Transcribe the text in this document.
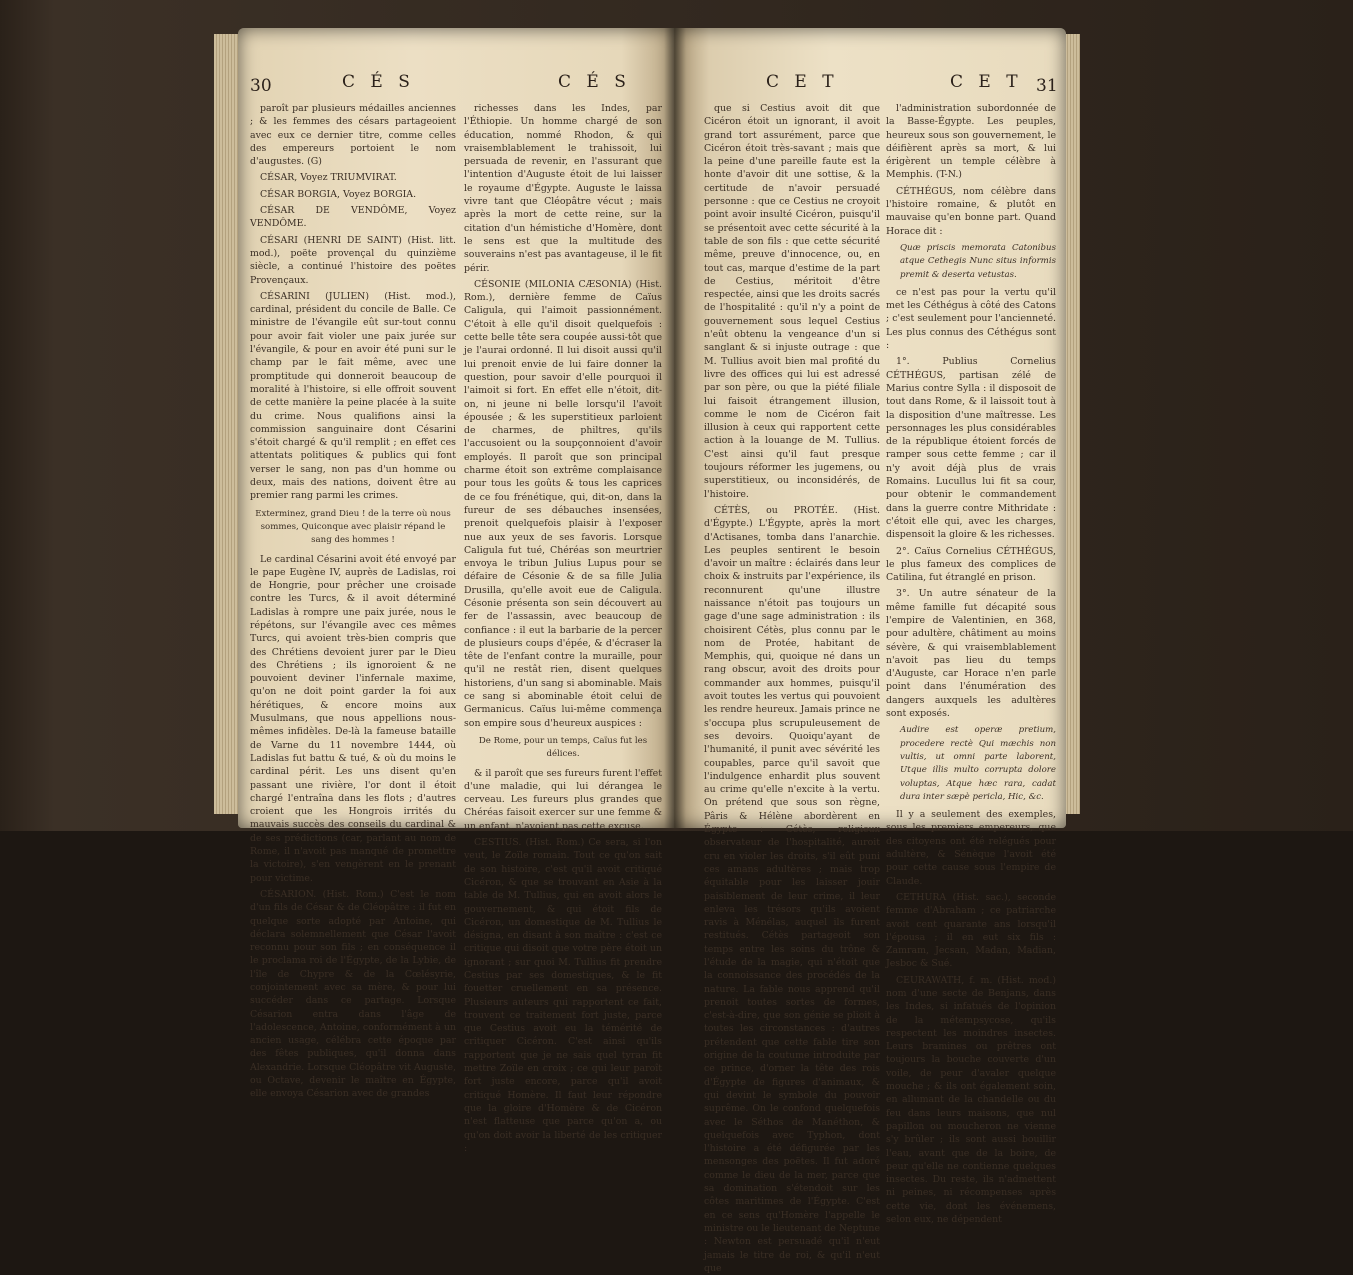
30	C É S	C É S

paroît par plusieurs médailles anciennes ; & les femmes des césars partageoient avec eux ce dernier titre, comme celles des empereurs portoient le nom d'augustes. (G)

CÉSAR, Voyez TRIUMVIRAT.

CÉSAR BORGIA, Voyez BORGIA.

CÉSAR DE VENDÔME, Voyez VENDÔME.

CÉSARI (HENRI DE SAINT) (Hist. litt. mod.), poëte provençal du quinzième siècle, a continué l'histoire des poëtes Provençaux.

CÉSARINI (JULIEN) (Hist. mod.), cardinal, président du concile de Balle. Ce ministre de l'évangile eût sur-tout connu pour avoir fait violer une paix jurée sur l'évangile, & pour en avoir été puni sur le champ par le fait même, avec une promptitude qui donneroit beaucoup de moralité à l'histoire, si elle offroit souvent de cette manière la peine placée à la suite du crime. Nous qualifions ainsi la commission sanguinaire dont Césarini s'étoit chargé & qu'il remplit ; en effet ces attentats politiques & publics qui font verser le sang, non pas d'un homme ou deux, mais des nations, doivent être au premier rang parmi les crimes.

Exterminez, grand Dieu ! de la terre où nous sommes, Quiconque avec plaisir répand le sang des hommes !

Le cardinal Césarini avoit été envoyé par le pape Eugène IV, auprès de Ladislas, roi de Hongrie, pour prêcher une croisade contre les Turcs, & il avoit déterminé Ladislas à rompre une paix jurée, nous le répétons, sur l'évangile avec ces mêmes Turcs, qui avoient très-bien compris que des Chrétiens devoient jurer par le Dieu des Chrétiens ; ils ignoroient & ne pouvoient deviner l'infernale maxime, qu'on ne doit point garder la foi aux hérétiques, & encore moins aux Musulmans, que nous appellions nous-mêmes infidèles. De-là la fameuse bataille de Varne du 11 novembre 1444, où Ladislas fut battu & tué, & où du moins le cardinal périt. Les uns disent qu'en passant une rivière, l'or dont il étoit chargé l'entraîna dans les flots ; d'autres croient que les Hongrois irrités du mauvais succès des conseils du cardinal & de ses prédictions (car, parlant au nom de Rome, il n'avoit pas manqué de promettre la victoire), s'en vengèrent en le prenant pour victime.

CÉSARION. (Hist. Rom.) C'est le nom d'un fils de César & de Cléopâtre : il fut en quelque sorte adopté par Antoine, qui déclara solemnellement que César l'avoit reconnu pour son fils ; en conséquence il le proclama roi de l'Égypte, de la Lybie, de l'île de Chypre & de la Cœlésyrie, conjointement avec sa mère, & pour lui succéder dans ce partage. Lorsque Césarion entra dans l'âge de l'adolescence, Antoine, conformément à un ancien usage, célébra cette époque par des fêtes publiques, qu'il donna dans Alexandrie. Lorsque Cléopâtre vit Auguste, ou Octave, devenir le maître en Égypte, elle envoya Césarion avec de grandes

richesses dans les Indes, par l'Éthiopie. Un homme chargé de son éducation, nommé Rhodon, & qui vraisemblablement le trahissoit, lui persuada de revenir, en l'assurant que l'intention d'Auguste étoit de lui laisser le royaume d'Égypte. Auguste le laissa vivre tant que Cléopâtre vécut ; mais après la mort de cette reine, sur la citation d'un hémistiche d'Homère, dont le sens est que la multitude des souverains n'est pas avantageuse, il le fit périr.

CÉSONIE (MILONIA CÆSONIA) (Hist. Rom.), dernière femme de Caïus Caligula, qui l'aimoit passionnément. C'étoit à elle qu'il disoit quelquefois : cette belle tête sera coupée aussi-tôt que je l'aurai ordonné. Il lui disoit aussi qu'il lui prenoit envie de lui faire donner la question, pour savoir d'elle pourquoi il l'aimoit si fort. En effet elle n'étoit, dit-on, ni jeune ni belle lorsqu'il l'avoit épousée ; & les superstitieux parloient de charmes, de philtres, qu'ils l'accusoient ou la soupçonnoient d'avoir employés. Il paroît que son principal charme étoit son extrême complaisance pour tous les goûts & tous les caprices de ce fou frénétique, qui, dit-on, dans la fureur de ses débauches insensées, prenoit quelquefois plaisir à l'exposer nue aux yeux de ses favoris. Lorsque Caligula fut tué, Chéréas son meurtrier envoya le tribun Julius Lupus pour se défaire de Césonie & de sa fille Julia Drusilla, qu'elle avoit eue de Caligula. Césonie présenta son sein découvert au fer de l'assassin, avec beaucoup de confiance : il eut la barbarie de la percer de plusieurs coups d'épée, & d'écraser la tête de l'enfant contre la muraille, pour qu'il ne restât rien, disent quelques historiens, d'un sang si abominable. Mais ce sang si abominable étoit celui de Germanicus. Caïus lui-même commença son empire sous d'heureux auspices :

De Rome, pour un temps, Caïus fut les délices.

& il paroît que ses fureurs furent l'effet d'une maladie, qui lui dérangea le cerveau. Les fureurs plus grandes que Chéréas faisoit exercer sur une femme & un enfant, n'avoient pas cette excuse.

CESTIUS. (Hist. Rom.) Ce sera, si l'on veut, le Zoïle romain. Tout ce qu'on sait de son histoire, c'est qu'il avoit critiqué Cicéron, & que se trouvant en Asie à la table de M. Tullius, qui en avoit alors le gouvernement, & qui étoit fils de Cicéron, un domestique de M. Tullius le désigna, en disant à son maître : c'est ce critique qui disoit que votre père étoit un ignorant ; sur quoi M. Tullius fit prendre Cestius par ses domestiques, & le fit fouetter cruellement en sa présence. Plusieurs auteurs qui rapportent ce fait, trouvent ce traitement fort juste, parce que Cestius avoit eu la témérité de critiquer Cicéron. C'est ainsi qu'ils rapportent que je ne sais quel tyran fit mettre Zoïle en croix ; ce qui leur paroît fort juste encore, parce qu'il avoit critiqué Homère. Il faut leur répondre que la gloire d'Homère & de Cicéron n'est flatteuse que parce qu'on a, ou qu'on doit avoir la liberté de les critiquer :

C E T	C E T 31

que si Cestius avoit dit que Cicéron étoit un ignorant, il avoit grand tort assurément, parce que Cicéron étoit très-savant ; mais que la peine d'une pareille faute est la honte d'avoir dit une sottise, & la certitude de n'avoir persuadé personne : que ce Cestius ne croyoit point avoir insulté Cicéron, puisqu'il se présentoit avec cette sécurité à la table de son fils : que cette sécurité même, preuve d'innocence, ou, en tout cas, marque d'estime de la part de Cestius, méritoit d'être respectée, ainsi que les droits sacrés de l'hospitalité : qu'il n'y a point de gouvernement sous lequel Cestius n'eût obtenu la vengeance d'un si sanglant & si injuste outrage : que M. Tullius avoit bien mal profité du livre des offices qui lui est adressé par son père, ou que la piété filiale lui faisoit étrangement illusion, comme le nom de Cicéron fait illusion à ceux qui rapportent cette action à la louange de M. Tullius. C'est ainsi qu'il faut presque toujours réformer les jugemens, ou superstitieux, ou inconsidérés, de l'histoire.

CÉTÈS, ou PROTÉE. (Hist. d'Égypte.) L'Égypte, après la mort d'Actisanes, tomba dans l'anarchie. Les peuples sentirent le besoin d'avoir un maître : éclairés dans leur choix & instruits par l'expérience, ils reconnurent qu'une illustre naissance n'étoit pas toujours un gage d'une sage administration : ils choisirent Cétès, plus connu par le nom de Protée, habitant de Memphis, qui, quoique né dans un rang obscur, avoit des droits pour commander aux hommes, puisqu'il avoit toutes les vertus qui pouvoient les rendre heureux. Jamais prince ne s'occupa plus scrupuleusement de ses devoirs. Quoiqu'ayant de l'humanité, il punit avec sévérité les coupables, parce qu'il savoit que l'indulgence enhardit plus souvent au crime qu'elle n'excite à la vertu. On prétend que sous son règne, Pâris & Hélène abordèrent en Égypte : Cétès, religieux observateur de l'hospitalité, auroit cru en violer les droits, s'il eût puni ces amans adultères ; mais trop équitable pour les laisser jouir paisiblement de leur crime, il leur enleva les trésors qu'ils avoient ravis à Ménélas, auquel ils furent restitués. Cétès partageoit son temps entre les soins du trône & l'étude de la magie, qui n'étoit que la connoissance des procédés de la nature. La fable nous apprend qu'il prenoit toutes sortes de formes, c'est-à-dire, que son génie se plioit à toutes les circonstances : d'autres prétendent que cette fable tire son origine de la coutume introduite par ce prince, d'orner la tête des rois d'Égypte de figures d'animaux, & qui devint le symbole du pouvoir suprême. On le confond quelquefois avec le Séthos de Manéthon, & quelquefois avec Typhon, dont l'histoire a été défigurée par les mensonges des poëtes. Il fut adoré comme le dieu de la mer, parce que sa domination s'étendoit sur les côtes maritimes de l'Égypte. C'est en ce sens qu'Homère l'appelle le ministre ou le lieutenant de Neptune : Newton est persuadé qu'il n'eut jamais le titre de roi, & qu'il n'eut que

l'administration subordonnée de la Basse-Égypte. Les peuples, heureux sous son gouvernement, le déifièrent après sa mort, & lui érigèrent un temple célèbre à Memphis. (T-N.)

CÉTHÉGUS, nom célèbre dans l'histoire romaine, & plutôt en mauvaise qu'en bonne part. Quand Horace dit :

Quæ priscis memorata Catonibus atque Cethegis Nunc situs informis premit & deserta vetustas.

ce n'est pas pour la vertu qu'il met les Céthégus à côté des Catons ; c'est seulement pour l'ancienneté. Les plus connus des Céthégus sont :

1°. Publius Cornelius CÉTHÉGUS, partisan zélé de Marius contre Sylla : il disposoit de tout dans Rome, & il laissoit tout à la disposition d'une maîtresse. Les personnages les plus considérables de la république étoient forcés de ramper sous cette femme ; car il n'y avoit déjà plus de vrais Romains. Lucullus lui fit sa cour, pour obtenir le commandement dans la guerre contre Mithridate : c'étoit elle qui, avec les charges, dispensoit la gloire & les richesses.

2°. Caïus Cornelius CÉTHÉGUS, le plus fameux des complices de Catilina, fut étranglé en prison.

3°. Un autre sénateur de la même famille fut décapité sous l'empire de Valentinien, en 368, pour adultère, châtiment au moins sévère, & qui vraisemblablement n'avoit pas lieu du temps d'Auguste, car Horace n'en parle point dans l'énumération des dangers auxquels les adultères sont exposés.

Audire est operæ pretium, procedere rectè Qui mæchis non vultis, ut omni parte laborent, Utque illis multo corrupta dolore voluptas, Atque hæc rara, cadat dura inter sæpè pericla, Hic, &c.

Il y a seulement des exemples, sous les premiers empereurs, que des citoyens ont été relégués pour adultère, & Sénèque l'avoit été pour cette cause sous l'empire de Claude.

CETHURA (Hist. sac.), seconde femme d'Abraham ; ce patriarche avoit cent quarante ans lorsqu'il l'épousa ; il en eut six fils : Zamram, Jecsan, Madan, Madian, Jesboc & Sué.

CEURAWATH, f. m. (Hist. mod.) nom d'une secte de Benjans, dans les Indes, si infatués de l'opinion de la métempsycose, qu'ils respectent les moindres insectes. Leurs bramines ou prêtres ont toujours la bouche couverte d'un voile, de peur d'avaler quelque mouche ; & ils ont également soin, en allumant de la chandelle ou du feu dans leurs maisons, que nul papillon ou moucheron ne vienne s'y brûler ; ils sont aussi bouillir l'eau, avant que de la boire, de peur qu'elle ne contienne quelques insectes. Du reste, ils n'admettent ni peines, ni récompenses après cette vie, dont les événemens, selon eux, ne dépendent
